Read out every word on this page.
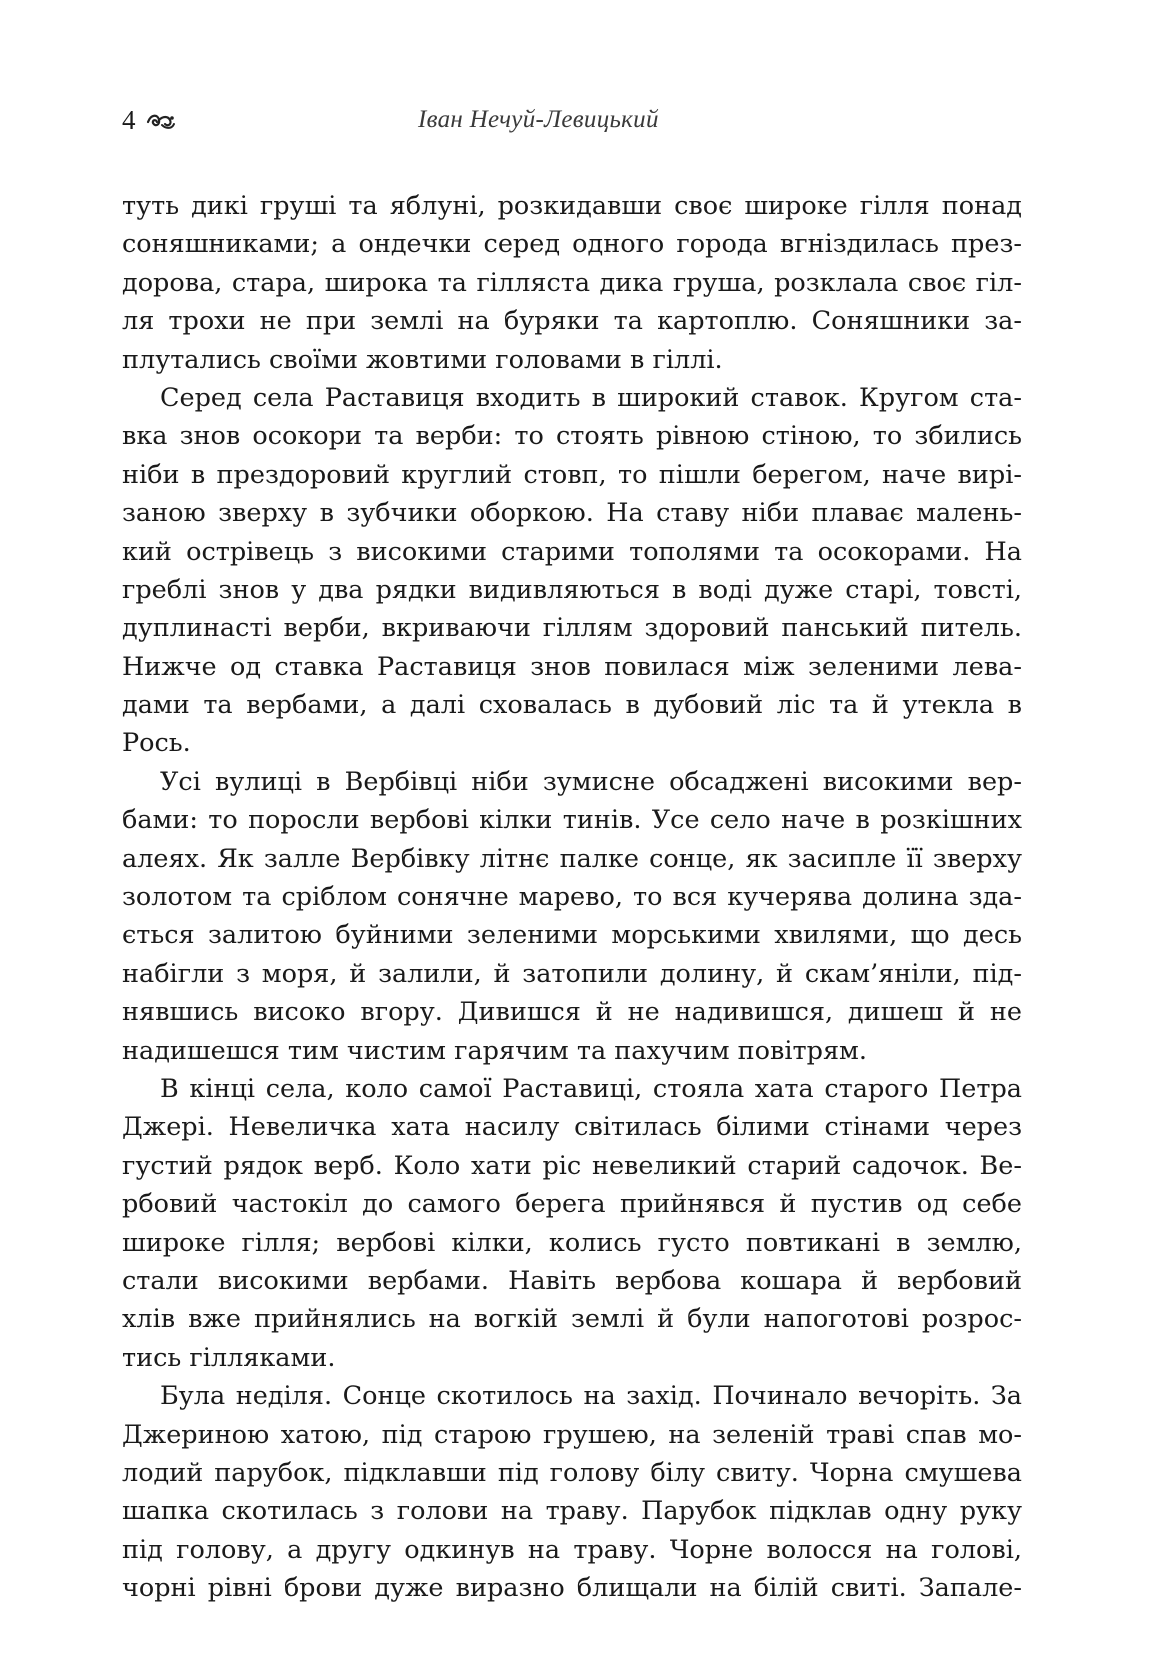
4	Іван Нечуй-Левицький
туть дикі груші та яблуні, розкидавши своє широке гілля понад
соняшниками; а ондечки серед одного города вгніздилась през-
дорова, стара, широка та гілляста дика груша, розклала своє гіл-
ля трохи не при землі на буряки та картоплю. Соняшники за-
плутались своїми жовтими головами в гіллі.
Серед села Раставиця входить в широкий ставок. Кругом ста-
вка знов осокори та верби: то стоять рівною стіною, то збились
ніби в прездоровий круглий стовп, то пішли берегом, наче вирі-
заною зверху в зубчики оборкою. На ставу ніби плаває малень-
кий острівець з високими старими тополями та осокорами. На
греблі знов у два рядки видивляються в воді дуже старі, товсті,
дуплинасті верби, вкриваючи гіллям здоровий панський питель.
Нижче од ставка Раставиця знов повилася між зеленими лева-
дами та вербами, а далі сховалась в дубовий ліс та й утекла в
Рось.
Усі вулиці в Вербівці ніби зумисне обсаджені високими вер-
бами: то поросли вербові кілки тинів. Усе село наче в розкішних
алеях. Як залле Вербівку літнє палке сонце, як засипле її зверху
золотом та сріблом сонячне марево, то вся кучерява долина зда-
ється залитою буйними зеленими морськими хвилями, що десь
набігли з моря, й залили, й затопили долину, й скам’яніли, під-
нявшись високо вгору. Дивишся й не надивишся, дишеш й не
надишешся тим чистим гарячим та пахучим повітрям.
В кінці села, коло самої Раставиці, стояла хата старого Петра
Джері. Невеличка хата насилу світилась білими стінами через
густий рядок верб. Коло хати ріс невеликий старий садочок. Ве-
рбовий частокіл до самого берега прийнявся й пустив од себе
широке гілля; вербові кілки, колись густо повтикані в землю,
стали високими вербами. Навіть вербова кошара й вербовий
хлів вже прийнялись на вогкій землі й були напоготові розрос-
тись гілляками.
Була неділя. Сонце скотилось на захід. Починало вечоріть. За
Джериною хатою, під старою грушею, на зеленій траві спав мо-
лодий парубок, підклавши під голову білу свиту. Чорна смушева
шапка скотилась з голови на траву. Парубок підклав одну руку
під голову, а другу одкинув на траву. Чорне волосся на голові,
чорні рівні брови дуже виразно блищали на білій свиті. Запале-
